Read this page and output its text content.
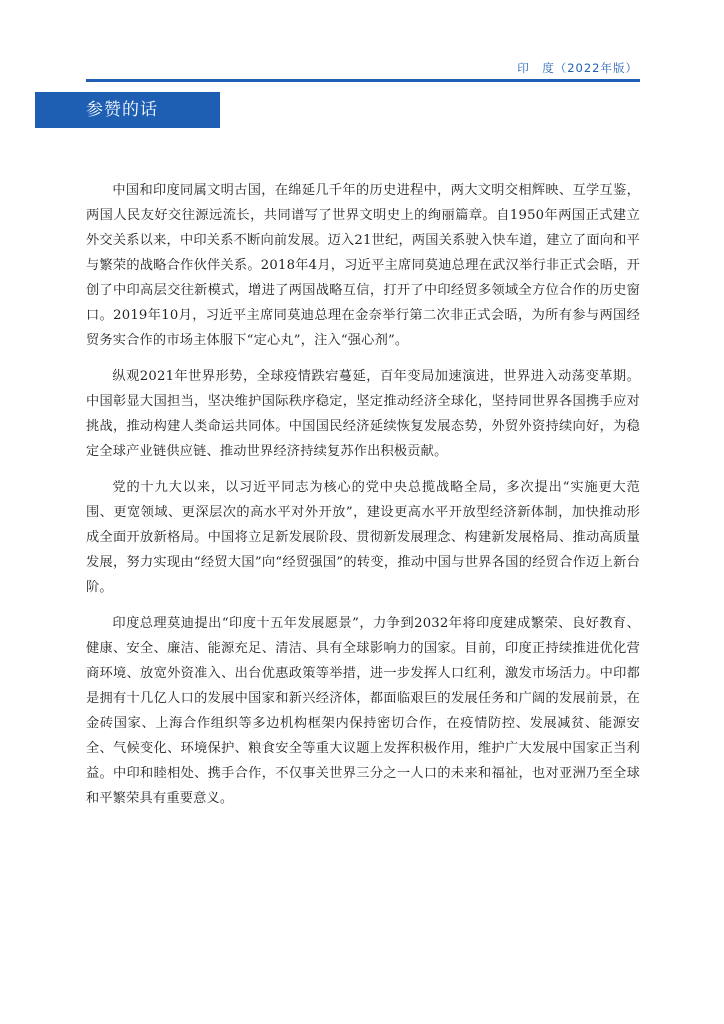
印　度（2022年版）
参赞的话

中国和印度同属文明古国，在绵延几千年的历史进程中，两大文明交相辉映、互学互鉴，两国人民友好交往源远流长，共同谱写了世界文明史上的绚丽篇章。自1950年两国正式建立外交关系以来，中印关系不断向前发展。迈入21世纪，两国关系驶入快车道，建立了面向和平与繁荣的战略合作伙伴关系。2018年4月，习近平主席同莫迪总理在武汉举行非正式会晤，开创了中印高层交往新模式，增进了两国战略互信，打开了中印经贸多领域全方位合作的历史窗口。2019年10月，习近平主席同莫迪总理在金奈举行第二次非正式会晤，为所有参与两国经贸务实合作的市场主体服下“定心丸”，注入“强心剂”。

纵观2021年世界形势，全球疫情跌宕蔓延，百年变局加速演进，世界进入动荡变革期。中国彰显大国担当，坚决维护国际秩序稳定，坚定推动经济全球化，坚持同世界各国携手应对挑战，推动构建人类命运共同体。中国国民经济延续恢复发展态势，外贸外资持续向好，为稳定全球产业链供应链、推动世界经济持续复苏作出积极贡献。

党的十九大以来，以习近平同志为核心的党中央总揽战略全局，多次提出“实施更大范围、更宽领域、更深层次的高水平对外开放”，建设更高水平开放型经济新体制，加快推动形成全面开放新格局。中国将立足新发展阶段、贯彻新发展理念、构建新发展格局、推动高质量发展，努力实现由“经贸大国”向“经贸强国”的转变，推动中国与世界各国的经贸合作迈上新台阶。

印度总理莫迪提出“印度十五年发展愿景”，力争到2032年将印度建成繁荣、良好教育、健康、安全、廉洁、能源充足、清洁、具有全球影响力的国家。目前，印度正持续推进优化营商环境、放宽外资准入、出台优惠政策等举措，进一步发挥人口红利，激发市场活力。中印都是拥有十几亿人口的发展中国家和新兴经济体，都面临艰巨的发展任务和广阔的发展前景，在金砖国家、上海合作组织等多边机构框架内保持密切合作，在疫情防控、发展减贫、能源安全、气候变化、环境保护、粮食安全等重大议题上发挥积极作用，维护广大发展中国家正当利益。中印和睦相处、携手合作，不仅事关世界三分之一人口的未来和福祉，也对亚洲乃至全球和平繁荣具有重要意义。
